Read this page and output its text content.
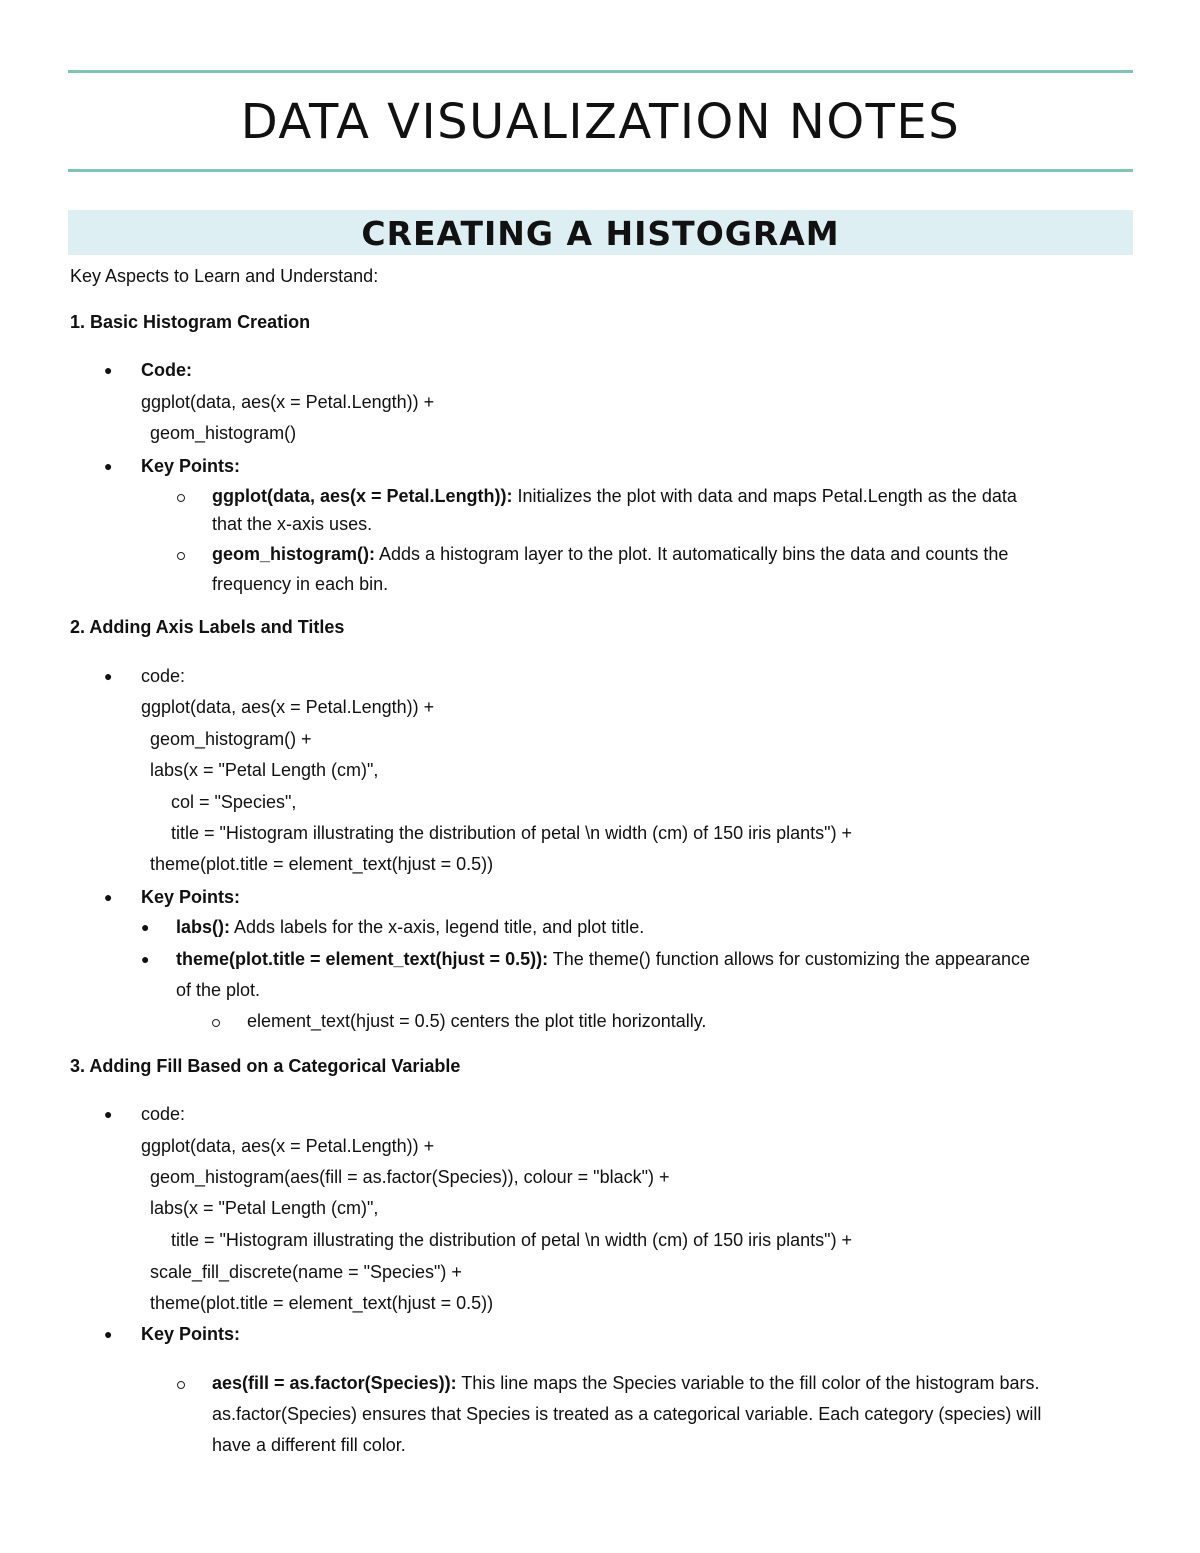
DATA VISUALIZATION NOTES
CREATING A HISTOGRAM
Key Aspects to Learn and Understand:
1. Basic Histogram Creation
● Code:
ggplot(data, aes(x = Petal.Length)) +
geom_histogram()
● Key Points:
ggplot(data, aes(x = Petal.Length)): Initializes the plot with data and maps Petal.Length as the data
that the x-axis uses.
geom_histogram(): Adds a histogram layer to the plot. It automatically bins the data and counts the
frequency in each bin.
2. Adding Axis Labels and Titles
● code:
ggplot(data, aes(x = Petal.Length)) +
geom_histogram() +
labs(x = "Petal Length (cm)",
col = "Species",
title = "Histogram illustrating the distribution of petal \n width (cm) of 150 iris plants") +
theme(plot.title = element_text(hjust = 0.5))
● Key Points:
● labs(): Adds labels for the x-axis, legend title, and plot title.
● theme(plot.title = element_text(hjust = 0.5)): The theme() function allows for customizing the appearance
of the plot.
element_text(hjust = 0.5) centers the plot title horizontally.
3. Adding Fill Based on a Categorical Variable
● code:
ggplot(data, aes(x = Petal.Length)) +
geom_histogram(aes(fill = as.factor(Species)), colour = "black") +
labs(x = "Petal Length (cm)",
title = "Histogram illustrating the distribution of petal \n width (cm) of 150 iris plants") +
scale_fill_discrete(name = "Species") +
theme(plot.title = element_text(hjust = 0.5))
● Key Points:
aes(fill = as.factor(Species)): This line maps the Species variable to the fill color of the histogram bars.
as.factor(Species) ensures that Species is treated as a categorical variable. Each category (species) will
have a different fill color.
